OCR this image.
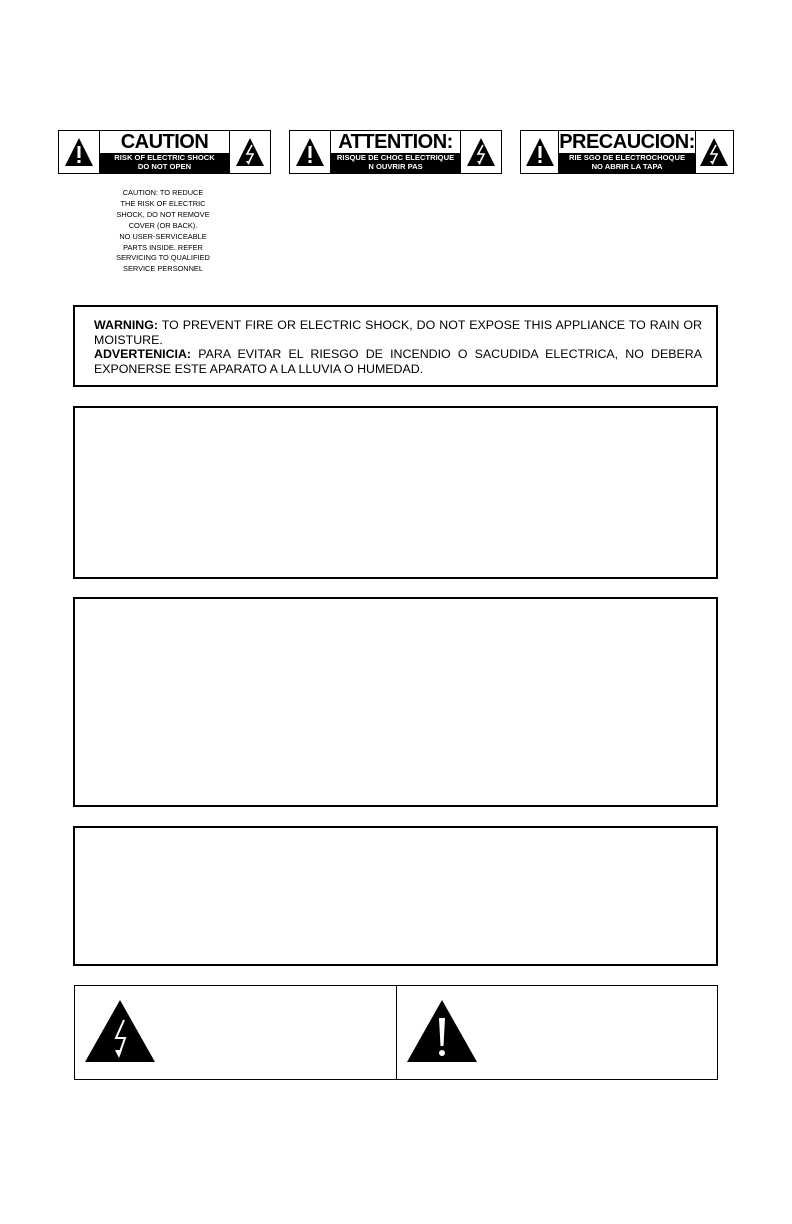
CAUTION
RISK OF ELECTRIC SHOCK
DO NOT OPEN
ATTENTION:
RISQUE DE CHOC ELECTRIQUE
N OUVRIR PAS
PRECAUCION:
RIE SGO DE ELECTROCHOQUE
NO ABRIR LA TAPA
CAUTION: TO REDUCE
THE RISK OF ELECTRIC
SHOCK, DO NOT REMOVE
COVER (OR BACK).
NO USER-SERVICEABLE
PARTS INSIDE. REFER
SERVICING TO QUALIFIED
SERVICE PERSONNEL
WARNING: TO PREVENT FIRE OR ELECTRIC SHOCK, DO NOT EXPOSE THIS APPLIANCE TO RAIN OR MOISTURE.
ADVERTENICIA: PARA EVITAR EL RIESGO DE INCENDIO O SACUDIDA ELECTRICA, NO DEBERA EXPONERSE ESTE APARATO A LA LLUVIA O HUMEDAD.
